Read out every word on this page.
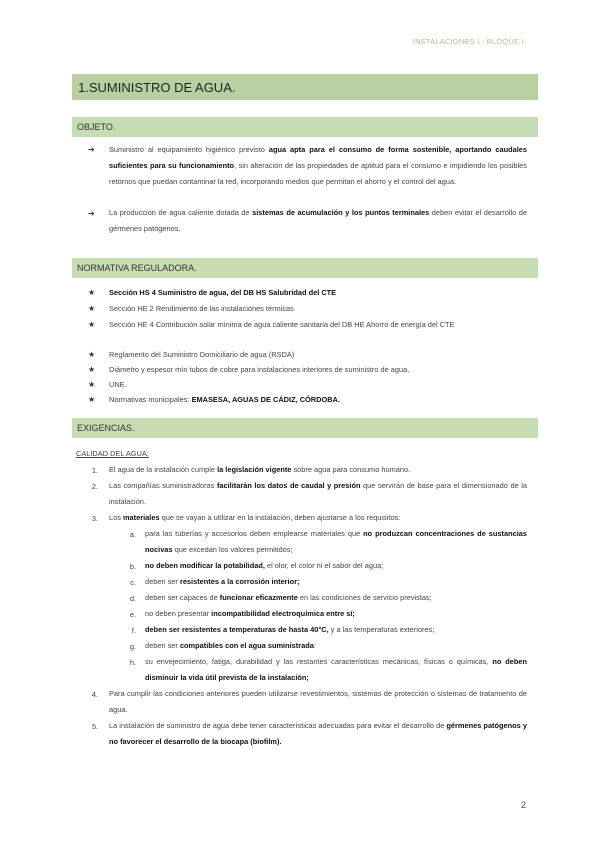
INSTALACIONES I - BLOQUE I.
1.SUMINISTRO DE AGUA.
OBJETO.
➔ Suministro al equipamiento higiénico previsto agua apta para el consumo de forma sostenible, aportando caudales suficientes para su funcionamiento, sin alteración de las propiedades de aptitud para el consumo e impidiendo los posibles retornos que puedan contaminar la red, incorporando medios que permitan el ahorro y el control del agua.
➔ La producción de agua caliente dotada de sistemas de acumulación y los puntos terminales deben evitar el desarrollo de gérmenes patógenos.
NORMATIVA REGULADORA.
★ Sección HS 4 Suministro de agua, del DB HS Salubridad del CTE
★ Sección HE 2 Rendimiento de las instalaciones térmicas
★ Sección HE 4 Contribución solar mínima de agua caliente sanitaria del DB HE Ahorro de energía del CTE
★ Reglamento del Suministro Domiciliario de agua (RSDA)
★ Diámetro y espesor mín tubos de cobre para instalaciones interiores de suministro de agua.
★ UNE.
★ Normativas municipales: EMASESA, AGUAS DE CÁDIZ, CÓRDOBA.
EXIGENCIAS.
CALIDAD DEL AGUA:
1. El agua de la instalación cumple la legislación vigente sobre agua para consumo humano.
2. Las compañías suministradoras facilitarán los datos de caudal y presión que servirán de base para el dimensionado de la instalación.
3. Los materiales que se vayan a utilizar en la instalación, deben ajustarse a los requisitos:
a. para las tuberías y accesorios deben emplearse materiales que no produzcan concentraciones de sustancias nocivas que excedan los valores permitidos;
b. no deben modificar la potabilidad, el olor, el color ni el sabor del agua;
c. deben ser resistentes a la corrosión interior;
d. deben ser capaces de funcionar eficazmente en las condiciones de servicio previstas;
e. no deben presentar incompatibilidad electroquímica entre sí;
f. deben ser resistentes a temperaturas de hasta 40°C, y a las temperaturas exteriores;
g. deben ser compatibles con el agua suministrada:
h. su envejecimiento, fatiga, durabilidad y las restantes características mecánicas, físicas o químicas, no deben disminuir la vida útil prevista de la instalación;
4. Para cumplir las condiciones anteriores pueden utilizarse revestimientos, sistemas de protección o sistemas de tratamiento de agua.
5. La instalación de suministro de agua debe tener características adecuadas para evitar el desarrollo de gérmenes patógenos y no favorecer el desarrollo de la biocapa (biofilm).
2
